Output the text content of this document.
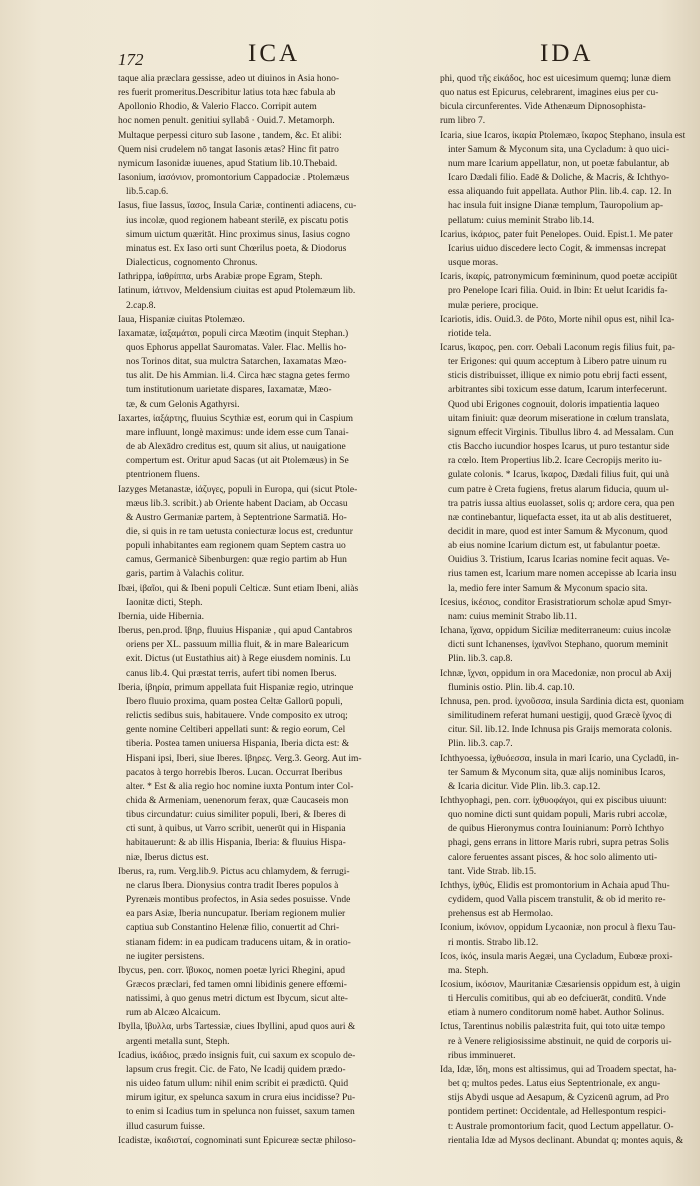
172	ICA	IDA

taque alia præclara gessisse, adeo ut diuinos in Asia hono-
res fuerit promeritus.Describitur latius tota hæc fabula ab
Apollonio Rhodio, & Valerio Flacco. Corripit autem
hoc nomen penult. genitiui syllabâ · Ouid.7. Metamorph.
Multaque perpessi cituro sub Iasone , tandem, &c. Et alibi:
Quem nisi crudelem nō tangat Iasonis ætas? Hinc fit patro
nymicum Iasonidæ iuuenes, apud Statium lib.10.Thebaid.

Iasonium, ἰασόνιον, promontorium Cappadociæ . Ptolemæus
lib.5.cap.6.

Iasus, fiue Iassus, ἴασος, Insula Cariæ, continenti adiacens, cu-
ius incolæ, quod regionem habeant sterilē, ex piscatu potis
simum uictum quæritāt. Hinc proximus sinus, Iasius cogno
minatus est. Ex Iaso orti sunt Chœrilus poeta, & Diodorus
Dialecticus, cognomento Chronus.

Iathrippa, ἰαθρίππα, urbs Arabiæ prope Egram, Steph.

Iatinum, ἰάτινον, Meldensium ciuitas est apud Ptolemæum lib.
2.cap.8.

Iaua, Hispaniæ ciuitas Ptolemæo.

Iaxamatæ, ἰαξαμάται, populi circa Mæotim (inquit Stephan.)
quos Ephorus appellat Sauromatas. Valer. Flac. Mellis ho-
nos Torinos ditat, sua mulctra Satarchen, Iaxamatas Mæo-
tus alit. De his Ammian. li.4. Circa hæc stagna getes fermo
tum institutionum uarietate dispares, Iaxamatæ, Mæo-
tæ, & cum Gelonis Agathyrsi.

Iaxartes, ἰαξάρτης, fluuius Scythiæ est, eorum qui in Caspium
mare influunt, longè maximus: unde idem esse cum Tanai-
de ab Alexādro creditus est, quum sit alius, ut nauigatione
compertum est. Oritur apud Sacas (ut ait Ptolemæus) in Se
ptentrionem fluens.

Iazyges Metanastæ, ἰάζυγες, populi in Europa, qui (sicut Ptole-
mæus lib.3. scribit.) ab Oriente habent Daciam, ab Occasu
& Austro Germaniæ partem, à Septentrione Sarmatiā. Ho-
die, si quis in re tam uetusta coniecturæ locus est, creduntur
populi inhabitantes eam regionem quam Septem castra uo
camus, Germanicè Sibenburgen: quæ regio partim ab Hun
garis, partim à Valachis colitur.

Ibæi, ἰβαῖοι, qui & Ibeni populi Celticæ. Sunt etiam Ibeni, aliàs
Iaonitæ dicti, Steph.

Ibernia, uide Hibernia.

Iberus, pen.prod. ἴβηρ, fluuius Hispaniæ , qui apud Cantabros
oriens per XL. passuum millia fluit, & in mare Balearicum
exit. Dictus (ut Eustathius ait) à Rege eiusdem nominis. Lu
canus lib.4. Qui præstat terris, aufert tibi nomen Iberus.

Iberia, ἰβηρία, primum appellata fuit Hispaniæ regio, utrinque
Ibero fluuio proxima, quam postea Celtæ Gallorū populi,
relictis sedibus suis, habitauere. Vnde composito ex utroq;
gente nomine Celtiberi appellati sunt: & regio eorum, Cel
tiberia. Postea tamen uniuersa Hispania, Iberia dicta est: &
Hispani ipsi, Iberi, siue Iberes. ἴβηρες. Verg.3. Georg. Aut im-
pacatos à tergo horrebis Iberos. Lucan. Occurrat Iberibus
alter. * Est & alia regio hoc nomine iuxta Pontum inter Col-
chida & Armeniam, uenenorum ferax, quæ Caucaseis mon
tibus circundatur: cuius similiter populi, Iberi, & Iberes di
cti sunt, à quibus, ut Varro scribit, uenerūt qui in Hispania
habitauerunt: & ab illis Hispania, Iberia: & fluuius Hispa-
niæ, Iberus dictus est.

Iberus, ra, rum. Verg.lib.9. Pictus acu chlamydem, & ferrugi-
ne clarus Ibera. Dionysius contra tradit Iberes populos à
Pyrenæis montibus profectos, in Asia sedes posuisse. Vnde
ea pars Asiæ, Iberia nuncupatur. Iberiam regionem mulier
captiua sub Constantino Helenæ filio, conuertit ad Chri-
stianam fidem: in ea pudicam traducens uitam, & in oratio-
ne iugiter persistens.

Ibycus, pen. corr. ἴβυκος, nomen poetæ lyrici Rhegini, apud
Græcos præclari, fed tamen omni libidinis genere effœmi-
natissimi, à quo genus metri dictum est Ibycum, sicut alte-
rum ab Alcæo Alcaicum.

Ibylla, ἴβυλλα, urbs Tartessiæ, ciues Ibyllini, apud quos auri &
argenti metalla sunt, Steph.

Icadius, ἰκάδιος, prædo insignis fuit, cui saxum ex scopulo de-
lapsum crus fregit. Cic. de Fato, Ne Icadij quidem prædo-
nis uideo fatum ullum: nihil enim scribit ei prædictū. Quid
mirum igitur, ex spelunca saxum in crura eius incidisse? Pu-
to enim si Icadius tum in spelunca non fuisset, saxum tamen
illud casurum fuisse.

Icadistæ, ἰκαδισταί, cognominati sunt Epicureæ sectæ philoso-

phi, quod τῆς εἰκάδος, hoc est uicesimum quemq; lunæ diem
quo natus est Epicurus, celebrarent, imagines eius per cu-
bicula circunferentes. Vide Athenæum Dipnosophista-
rum libro 7.

Icaria, siue Icaros, ἰκαρία Ptolemæo, ἴκαρος Stephano, insula est
inter Samum & Myconum sita, una Cycladum: à quo uici-
num mare Icarium appellatur, non, ut poetæ fabulantur, ab
Icaro Dædali filio. Eadē & Doliche, & Macris, & Ichthyo-
essa aliquando fuit appellata. Author Plin. lib.4. cap. 12. In
hac insula fuit insigne Dianæ templum, Tauropolium ap-
pellatum: cuius meminit Strabo lib.14.

Icarius, ἰκάριος, pater fuit Penelopes. Ouid. Epist.1. Me pater
Icarius uiduo discedere lecto Cogit, & immensas increpat
usque moras.

Icaris, ἰκαρίς, patronymicum fœmininum, quod poetæ accipiūt
pro Penelope Icari filia. Ouid. in Ibin: Et uelut Icaridis fa-
mulæ periere, procique.

Icariotis, idis. Ouid.3. de Pōto, Morte nihil opus est, nihil Ica-
riotide tela.

Icarus, ἴκαρος, pen. corr. Oebali Laconum regis filius fuit, pa-
ter Erigones: qui quum acceptum à Libero patre uinum ru
sticis distribuisset, illique ex nimio potu ebrij facti essent,
arbitrantes sibi toxicum esse datum, Icarum interfecerunt.
Quod ubi Erigones cognouit, doloris impatientia laqueo
uitam finiuit: quæ deorum miseratione in cœlum translata,
signum effecit Virginis. Tibullus libro 4. ad Messalam. Cun
ctis Baccho iucundior hospes Icarus, ut puro testantur side
ra cœlo. Item Propertius lib.2. Icare Cecropijs merito iu-
gulate colonis. * Icarus, ἴκαρος, Dædali filius fuit, qui unà
cum patre è Creta fugiens, fretus alarum fiducia, quum ul-
tra patris iussa altius euolasset, solis q; ardore cera, qua pen
næ continebantur, liquefacta esset, ita ut ab alis destitueret,
decidit in mare, quod est inter Samum & Myconum, quod
ab eius nomine Icarium dictum est, ut fabulantur poetæ.
Ouidius 3. Tristium, Icarus Icarias nomine fecit aquas. Ve-
rius tamen est, Icarium mare nomen accepisse ab Icaria insu
la, medio fere inter Samum & Myconum spacio sita.

Icesius, ἰκέσιος, conditor Erasistratiorum scholæ apud Smyr-
nam: cuius meminit Strabo lib.11.

Ichana, ἴχανα, oppidum Siciliæ mediterraneum: cuius incolæ
dicti sunt Ichanenses, ἰχανῖνοι Stephano, quorum meminit
Plin. lib.3. cap.8.

Ichnæ, ἴχναι, oppidum in ora Macedoniæ, non procul ab Axij
fluminis ostio. Plin. lib.4. cap.10.

Ichnusa, pen. prod. ἰχνοῦσσα, insula Sardinia dicta est, quoniam
similitudinem referat humani uestigij, quod Græcè ἴχνος di
citur. Sil. lib.12. Inde Ichnusa pis Graijs memorata colonis.
Plin. lib.3. cap.7.

Ichthyoessa, ἰχθυόεσσα, insula in mari Icario, una Cycladū, in-
ter Samum & Myconum sita, quæ alijs nominibus Icaros,
& Icaria dicitur. Vide Plin. lib.3. cap.12.

Ichthyophagi, pen. corr. ἰχθυοφάγοι, qui ex piscibus uiuunt:
quo nomine dicti sunt quidam populi, Maris rubri accolæ,
de quibus Hieronymus contra Iouinianum: Porrò Ichthyo
phagi, gens errans in littore Maris rubri, supra petras Solis
calore feruentes assant pisces, & hoc solo alimento uti-
tant. Vide Strab. lib.15.

Ichthys, ἰχθύς, Elidis est promontorium in Achaia apud Thu-
cydidem, quod Valla piscem transtulit, & ob id merito re-
prehensus est ab Hermolao.

Iconium, ἰκόνιον, oppidum Lycaoniæ, non procul à flexu Tau-
ri montis. Strabo lib.12.

Icos, ἰκός, insula maris Aegæi, una Cycladum, Eubœæ proxi-
ma. Steph.

Icosium, ἰκόσιον, Mauritaniæ Cæsariensis oppidum est, à uigin
ti Herculis comitibus, qui ab eo defciuerāt, conditū. Vnde
etiam à numero conditorum nomē habet. Author Solinus.

Ictus, Tarentinus nobilis palæstrita fuit, qui toto uitæ tempo
re à Venere religiosissime abstinuit, ne quid de corporis ui-
ribus imminueret.

Ida, Idæ, ἴδη, mons est altissimus, qui ad Troadem spectat, ha-
bet q; multos pedes. Latus eius Septentrionale, ex angu-
stijs Abydi usque ad Aesapum, & Cyzicenū agrum, ad Pro
pontidem pertinet: Occidentale, ad Hellespontum respici-
t: Australe promontorium facit, quod Lectum appellatur. O-
rientalia Idæ ad Mysos declinant. Abundat q; montes aquis, &
